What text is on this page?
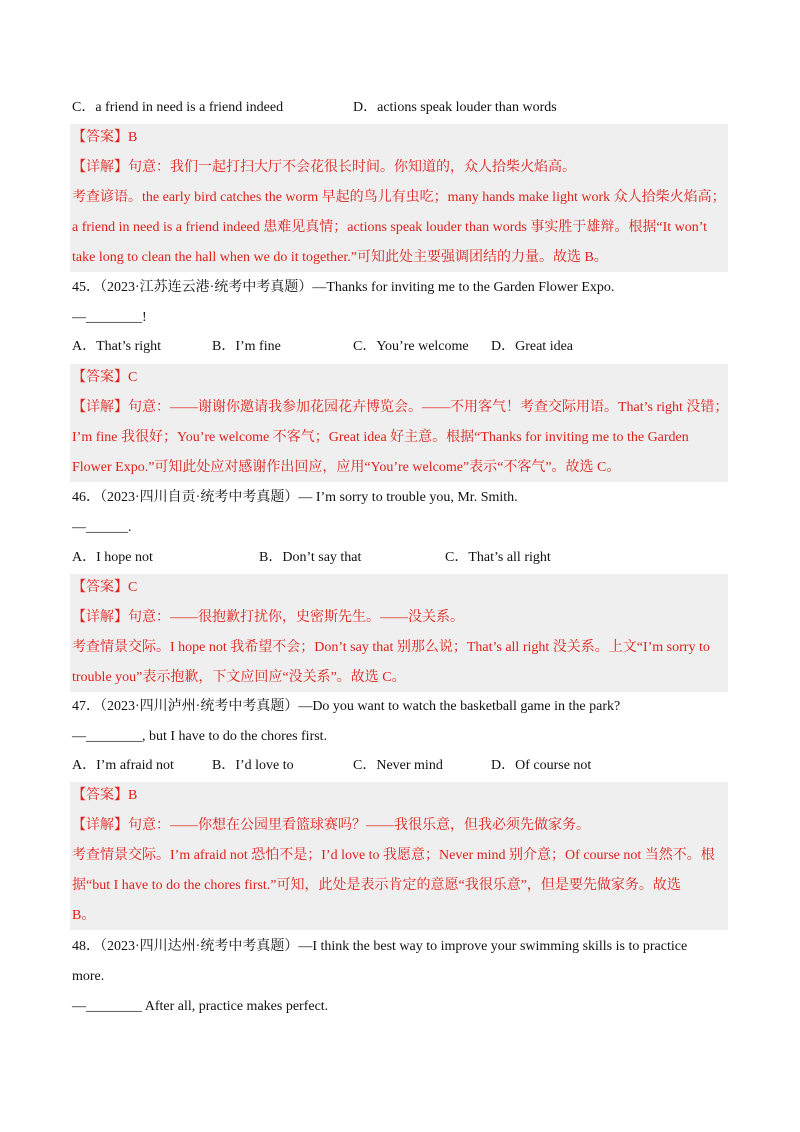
C．a friend in need is a friend indeed	D．actions speak louder than words
【答案】B
【详解】句意：我们一起打扫大厅不会花很长时间。你知道的，众人拾柴火焰高。
考查谚语。the early bird catches the worm 早起的鸟儿有虫吃；many hands make light work 众人拾柴火焰高；
a friend in need is a friend indeed 患难见真情；actions speak louder than words 事实胜于雄辩。根据“It won’t
take long to clean the hall when we do it together.”可知此处主要强调团结的力量。故选 B。
45．（2023·江苏连云港·统考中考真题）—Thanks for inviting me to the Garden Flower Expo.
—________!
A．That’s right	B．I’m fine	C．You’re welcome D．Great idea
【答案】C
【详解】句意：——谢谢你邀请我参加花园花卉博览会。——不用客气！考查交际用语。That’s right 没错；
I’m fine 我很好；You’re welcome 不客气；Great idea 好主意。根据“Thanks for inviting me to the Garden
Flower Expo.”可知此处应对感谢作出回应，应用“You’re welcome”表示“不客气”。故选 C。
46．（2023·四川自贡·统考中考真题）— I’m sorry to trouble you, Mr. Smith.
—______.
A．I hope not	B．Don’t say that	C．That’s all right
【答案】C
【详解】句意：——很抱歉打扰你，史密斯先生。——没关系。
考查情景交际。I hope not 我希望不会；Don’t say that 别那么说；That’s all right 没关系。上文“I’m sorry to
trouble you”表示抱歉，下文应回应“没关系”。故选 C。
47．（2023·四川泸州·统考中考真题）—Do you want to watch the basketball game in the park?
—________, but I have to do the chores first.
A．I’m afraid not	B．I’d love to	C．Never mind	D．Of course not
【答案】B
【详解】句意：——你想在公园里看篮球赛吗？——我很乐意，但我必须先做家务。
考查情景交际。I’m afraid not 恐怕不是；I’d love to 我愿意；Never mind 别介意；Of course not 当然不。根
据“but I have to do the chores first.”可知，此处是表示肯定的意愿“我很乐意”，但是要先做家务。故选
B。
48．（2023·四川达州·统考中考真题）—I think the best way to improve your swimming skills is to practice
more.
—________ After all, practice makes perfect.
